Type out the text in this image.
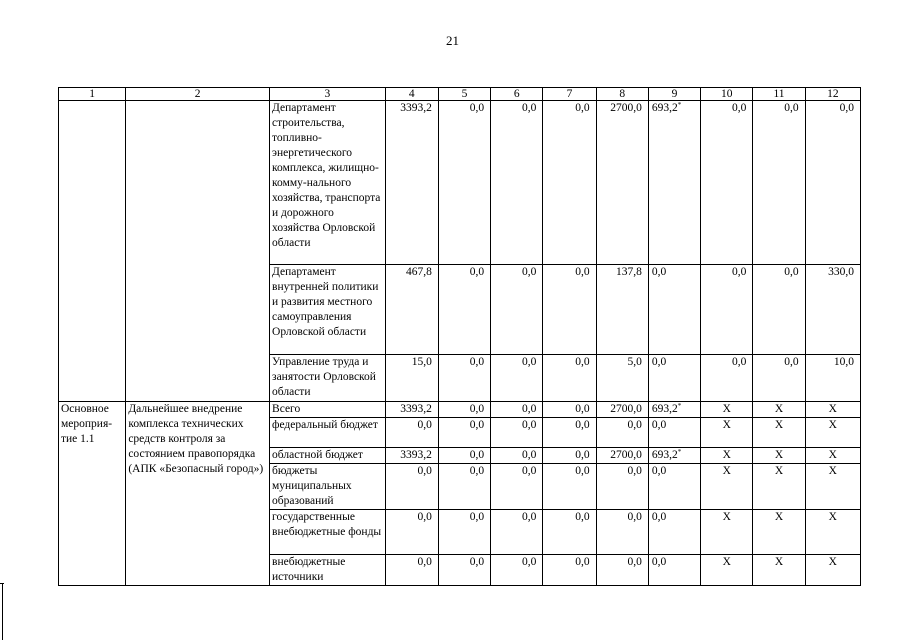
21
1	2	3	4	5	6	7	8	9	10	11	12
		Департамент строительства, топливно-энергетического комплекса, жилищно-комму-нального хозяйства, транспорта и дорожного хозяйства Орловской области	3393,2	0,0	0,0	0,0	2700,0	693,2*	0,0	0,0	0,0
		Департамент внутренней политики и развития местного самоуправления Орловской области	467,8	0,0	0,0	0,0	137,8	0,0	0,0	0,0	330,0
		Управление труда и занятости Орловской области	15,0	0,0	0,0	0,0	5,0	0,0	0,0	0,0	10,0
Основное мероприя-тие 1.1	Дальнейшее внедрение комплекса технических средств контроля за состоянием правопорядка (АПК «Безопасный город»)	Всего	3393,2	0,0	0,0	0,0	2700,0	693,2*	Х	Х	Х
		федеральный бюджет	0,0	0,0	0,0	0,0	0,0	0,0	Х	Х	Х
		областной бюджет	3393,2	0,0	0,0	0,0	2700,0	693,2*	Х	Х	Х
		бюджеты муниципальных образований	0,0	0,0	0,0	0,0	0,0	0,0	Х	Х	Х
		государственные внебюджетные фонды	0,0	0,0	0,0	0,0	0,0	0,0	Х	Х	Х
		внебюджетные источники	0,0	0,0	0,0	0,0	0,0	0,0	Х	Х	Х
